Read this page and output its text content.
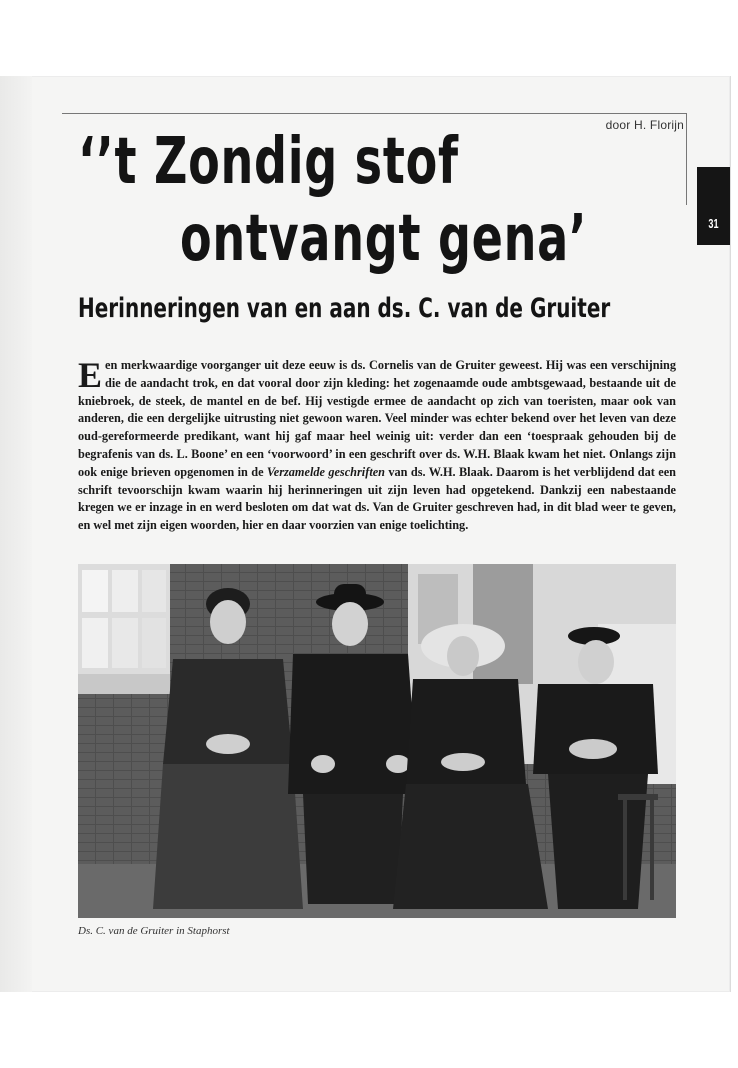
door H. Florijn
31
‘’t Zondig stof
ontvangt gena’
Herinneringen van en aan ds. C. van de Gruiter

Een merkwaardige voorganger uit deze eeuw is ds. Cornelis van de Gruiter geweest. Hij was een verschijning die de aandacht trok, en dat vooral door zijn kleding: het zogenaamde oude ambtsgewaad, bestaande uit de kniebroek, de steek, de mantel en de bef. Hij vestigde ermee de aandacht op zich van toeristen, maar ook van anderen, die een dergelijke uitrusting niet gewoon waren. Veel minder was echter bekend over het leven van deze oud-gereformeerde predikant, want hij gaf maar heel weinig uit: verder dan een ‘toespraak gehouden bij de begrafenis van ds. L. Boone’ en een ‘voorwoord’ in een geschrift over ds. W.H. Blaak kwam het niet. Onlangs zijn ook enige brieven opgenomen in de Verzamelde geschriften van ds. W.H. Blaak. Daarom is het verblijdend dat een schrift tevoorschijn kwam waarin hij herinneringen uit zijn leven had opgetekend. Dankzij een nabestaande kregen we er inzage in en werd besloten om dat wat ds. Van de Gruiter geschreven had, in dit blad weer te geven, en wel met zijn eigen woorden, hier en daar voorzien van enige toelichting.

Ds. C. van de Gruiter in Staphorst
